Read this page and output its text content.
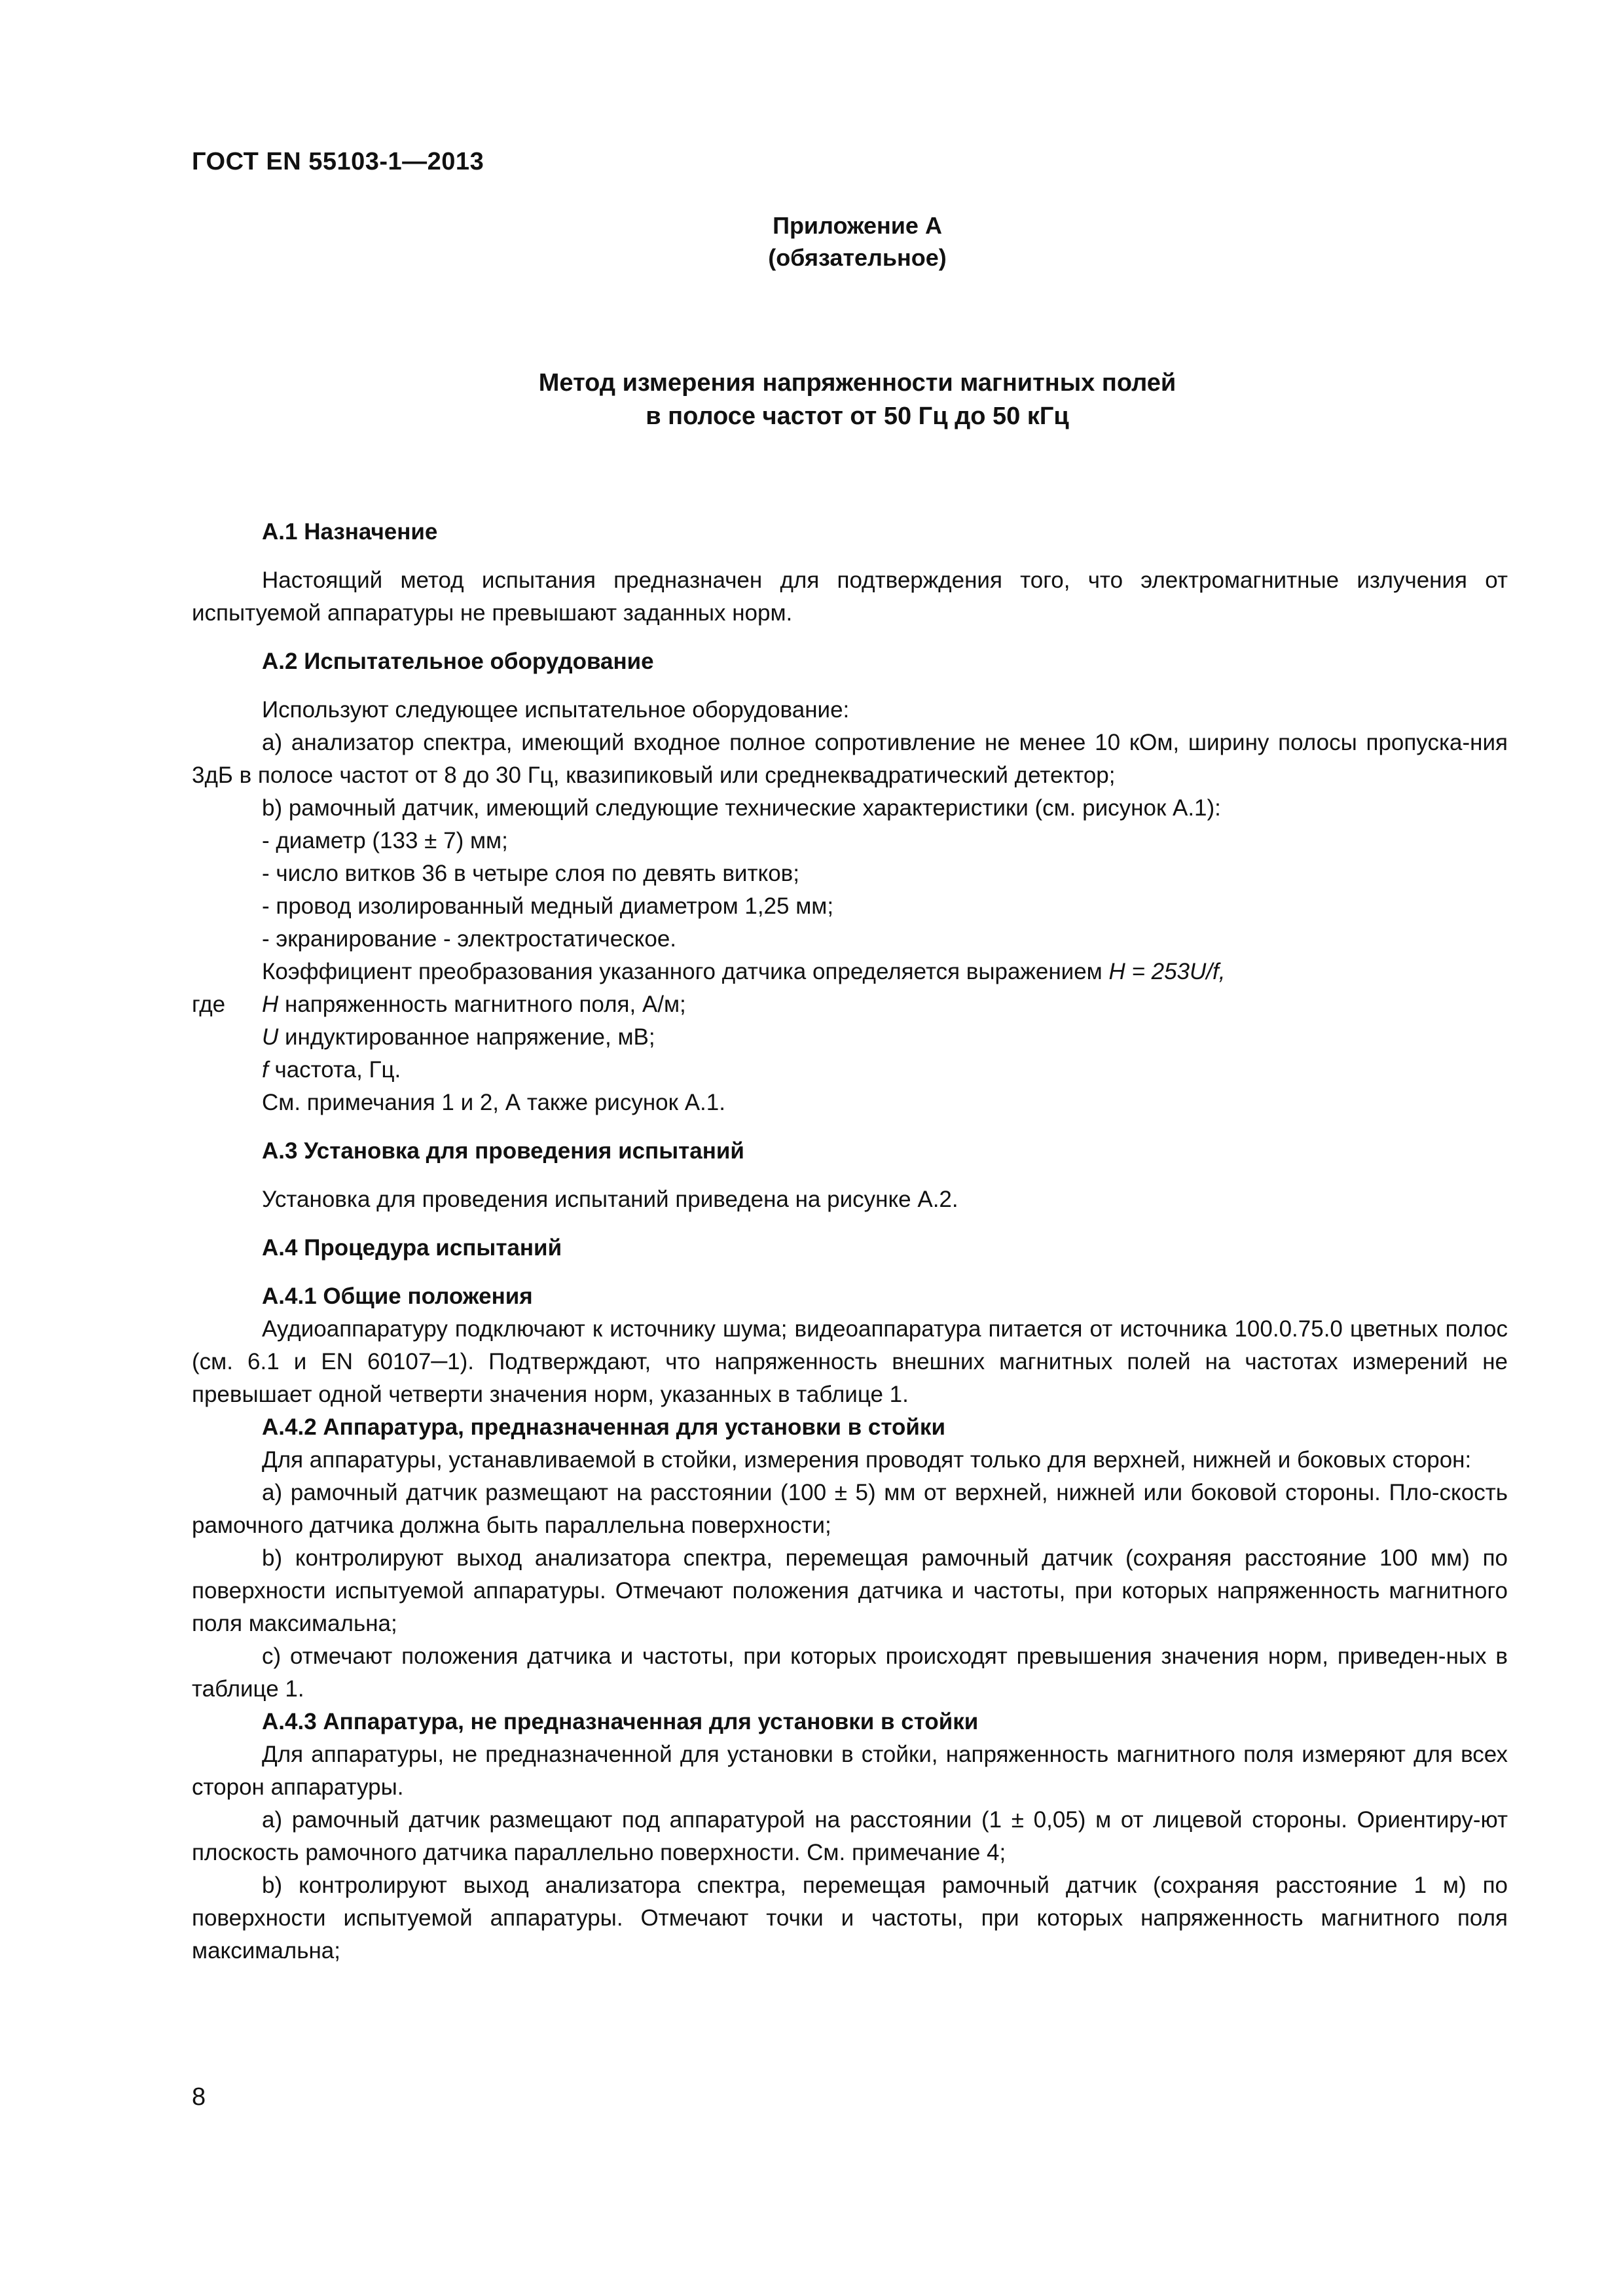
ГОСТ EN 55103-1—2013
Приложение А
(обязательное)
Метод измерения напряженности магнитных полей
в полосе частот от 50 Гц до 50 кГц

А.1 Назначение

Настоящий метод испытания предназначен для подтверждения того, что электромагнитные излучения от испытуемой аппаратуры не превышают заданных норм.

А.2 Испытательное оборудование

Используют следующее испытательное оборудование:

а) анализатор спектра, имеющий входное полное сопротивление не менее 10 кОм, ширину полосы пропуска-ния 3дБ в полосе частот от 8 до 30 Гц, квазипиковый или среднеквадратический детектор;

b) рамочный датчик, имеющий следующие технические характеристики (см. рисунок А.1):

- диаметр (133 ± 7) мм;

- число витков 36 в четыре слоя по девять витков;

- провод изолированный медный диаметром 1,25 мм;

- экранирование - электростатическое.

Коэффициент преобразования указанного датчика определяется выражением H = 253U/f,

где H напряженность магнитного поля, А/м;

U индуктированное напряжение, мВ;

f частота, Гц.

См. примечания 1 и 2, А также рисунок А.1.

А.3 Установка для проведения испытаний

Установка для проведения испытаний приведена на рисунке А.2.

А.4 Процедура испытаний

А.4.1 Общие положения

Аудиоаппаратуру подключают к источнику шума; видеоаппаратура питается от источника 100.0.75.0 цветных полос (см. 6.1 и EN 60107─1). Подтверждают, что напряженность внешних магнитных полей на частотах измерений не превышает одной четверти значения норм, указанных в таблице 1.

А.4.2 Аппаратура, предназначенная для установки в стойки

Для аппаратуры, устанавливаемой в стойки, измерения проводят только для верхней, нижней и боковых сторон:

а) рамочный датчик размещают на расстоянии (100 ± 5) мм от верхней, нижней или боковой стороны. Пло-скость рамочного датчика должна быть параллельна поверхности;

b) контролируют выход анализатора спектра, перемещая рамочный датчик (сохраняя расстояние 100 мм) по поверхности испытуемой аппаратуры. Отмечают положения датчика и частоты, при которых напряженность магнитного поля максимальна;

с) отмечают положения датчика и частоты, при которых происходят превышения значения норм, приведен-ных в таблице 1.

А.4.3 Аппаратура, не предназначенная для установки в стойки

Для аппаратуры, не предназначенной для установки в стойки, напряженность магнитного поля измеряют для всех сторон аппаратуры.

а) рамочный датчик размещают под аппаратурой на расстоянии (1 ± 0,05) м от лицевой стороны. Ориентиру-ют плоскость рамочного датчика параллельно поверхности. См. примечание 4;

b) контролируют выход анализатора спектра, перемещая рамочный датчик (сохраняя расстояние 1 м) по поверхности испытуемой аппаратуры. Отмечают точки и частоты, при которых напряженность магнитного поля максимальна;

8
